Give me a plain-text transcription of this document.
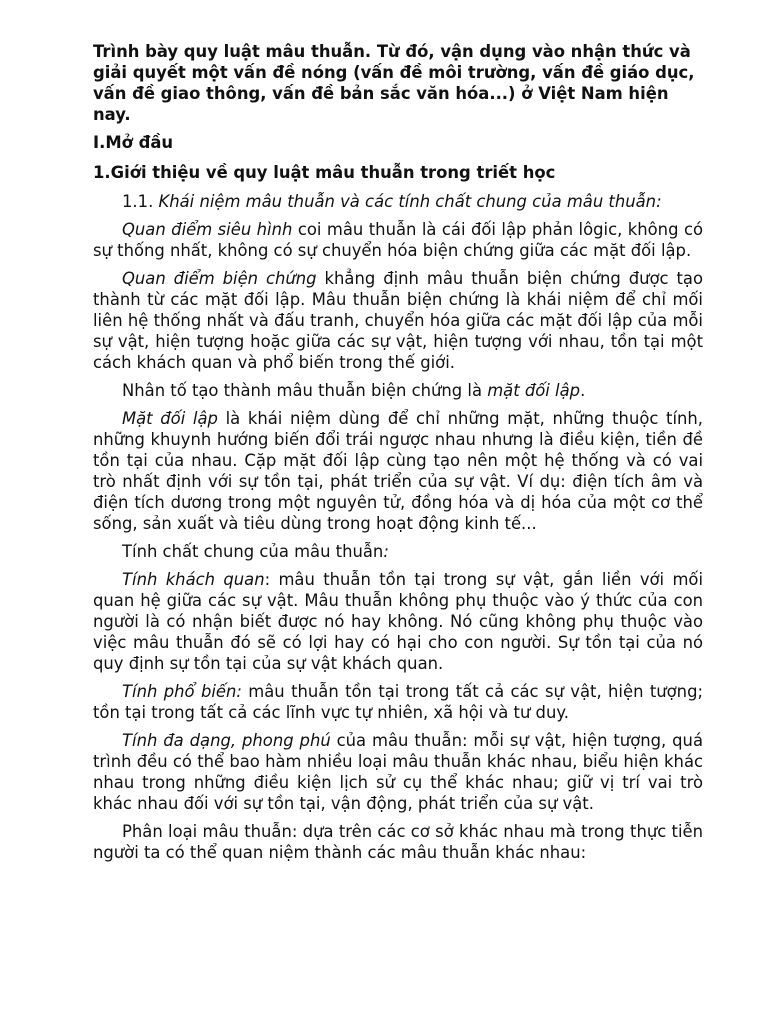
Trình bày quy luật mâu thuẫn. Từ đó, vận dụng vào nhận thức và giải quyết một vấn đề nóng (vấn đề môi trường, vấn đề giáo dục, vấn đề giao thông, vấn đề bản sắc văn hóa...) ở Việt Nam hiện nay.
I.Mở đầu
1.Giới thiệu về quy luật mâu thuẫn trong triết học

1.1. Khái niệm mâu thuẫn và các tính chất chung của mâu thuẫn:

Quan điểm siêu hình coi mâu thuẫn là cái đối lập phản lôgic, không có sự thống nhất, không có sự chuyển hóa biện chứng giữa các mặt đối lập.

Quan điểm biện chứng khẳng định mâu thuẫn biện chứng được tạo thành từ các mặt đối lập. Mâu thuẫn biện chứng là khái niệm để chỉ mối liên hệ thống nhất và đấu tranh, chuyển hóa giữa các mặt đối lập của mỗi sự vật, hiện tượng hoặc giữa các sự vật, hiện tượng với nhau, tồn tại một cách khách quan và phổ biến trong thế giới.

Nhân tố tạo thành mâu thuẫn biện chứng là mặt đối lập.

Mặt đối lập là khái niệm dùng để chỉ những mặt, những thuộc tính, những khuynh hướng biến đổi trái ngược nhau nhưng là điều kiện, tiền đề tồn tại của nhau. Cặp mặt đối lập cùng tạo nên một hệ thống và có vai trò nhất định với sự tồn tại, phát triển của sự vật. Ví dụ: điện tích âm và điện tích dương trong một nguyên tử, đồng hóa và dị hóa của một cơ thể sống, sản xuất và tiêu dùng trong hoạt động kinh tế...

Tính chất chung của mâu thuẫn:

Tính khách quan: mâu thuẫn tồn tại trong sự vật, gắn liền với mối quan hệ giữa các sự vật. Mâu thuẫn không phụ thuộc vào ý thức của con người là có nhận biết được nó hay không. Nó cũng không phụ thuộc vào việc mâu thuẫn đó sẽ có lợi hay có hại cho con người. Sự tồn tại của nó quy định sự tồn tại của sự vật khách quan.

Tính phổ biến: mâu thuẫn tồn tại trong tất cả các sự vật, hiện tượng; tồn tại trong tất cả các lĩnh vực tự nhiên, xã hội và tư duy.

Tính đa dạng, phong phú của mâu thuẫn: mỗi sự vật, hiện tượng, quá trình đều có thể bao hàm nhiều loại mâu thuẫn khác nhau, biểu hiện khác nhau trong những điều kiện lịch sử cụ thể khác nhau; giữ vị trí vai trò khác nhau đối với sự tồn tại, vận động, phát triển của sự vật.

Phân loại mâu thuẫn: dựa trên các cơ sở khác nhau mà trong thực tiễn người ta có thể quan niệm thành các mâu thuẫn khác nhau:
